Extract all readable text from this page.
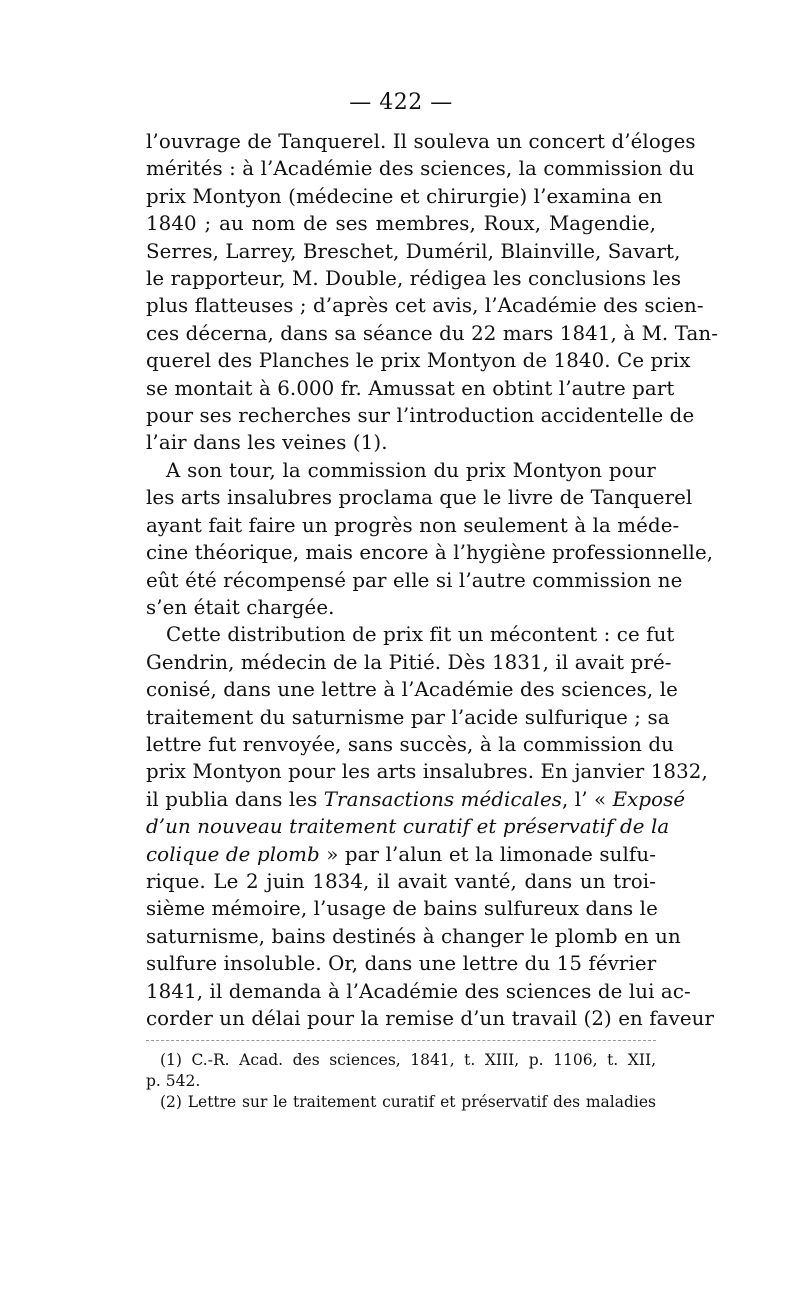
— 422 —
l’ouvrage de Tanquerel. Il souleva un concert d’éloges
mérités : à l’Académie des sciences, la commission du
prix Montyon (médecine et chirurgie) l’examina en
1840 ; au nom de ses membres, Roux, Magendie,
Serres, Larrey, Breschet, Duméril, Blainville, Savart,
le rapporteur, M. Double, rédigea les conclusions les
plus flatteuses ; d’après cet avis, l’Académie des scien-
ces décerna, dans sa séance du 22 mars 1841, à M. Tan-
querel des Planches le prix Montyon de 1840. Ce prix
se montait à 6.000 fr. Amussat en obtint l’autre part
pour ses recherches sur l’introduction accidentelle de
l’air dans les veines (1).
A son tour, la commission du prix Montyon pour
les arts insalubres proclama que le livre de Tanquerel
ayant fait faire un progrès non seulement à la méde-
cine théorique, mais encore à l’hygiène professionnelle,
eût été récompensé par elle si l’autre commission ne
s’en était chargée.
Cette distribution de prix fit un mécontent : ce fut
Gendrin, médecin de la Pitié. Dès 1831, il avait pré-
conisé, dans une lettre à l’Académie des sciences, le
traitement du saturnisme par l’acide sulfurique ; sa
lettre fut renvoyée, sans succès, à la commission du
prix Montyon pour les arts insalubres. En janvier 1832,
il publia dans les Transactions médicales, l’ « Exposé
d’un nouveau traitement curatif et préservatif de la
colique de plomb » par l’alun et la limonade sulfu-
rique. Le 2 juin 1834, il avait vanté, dans un troi-
sième mémoire, l’usage de bains sulfureux dans le
saturnisme, bains destinés à changer le plomb en un
sulfure insoluble. Or, dans une lettre du 15 février
1841, il demanda à l’Académie des sciences de lui ac-
corder un délai pour la remise d’un travail (2) en faveur
(1) C.-R. Acad. des sciences, 1841, t. XIII, p. 1106, t. XII,
p. 542.
(2) Lettre sur le traitement curatif et préservatif des maladies
